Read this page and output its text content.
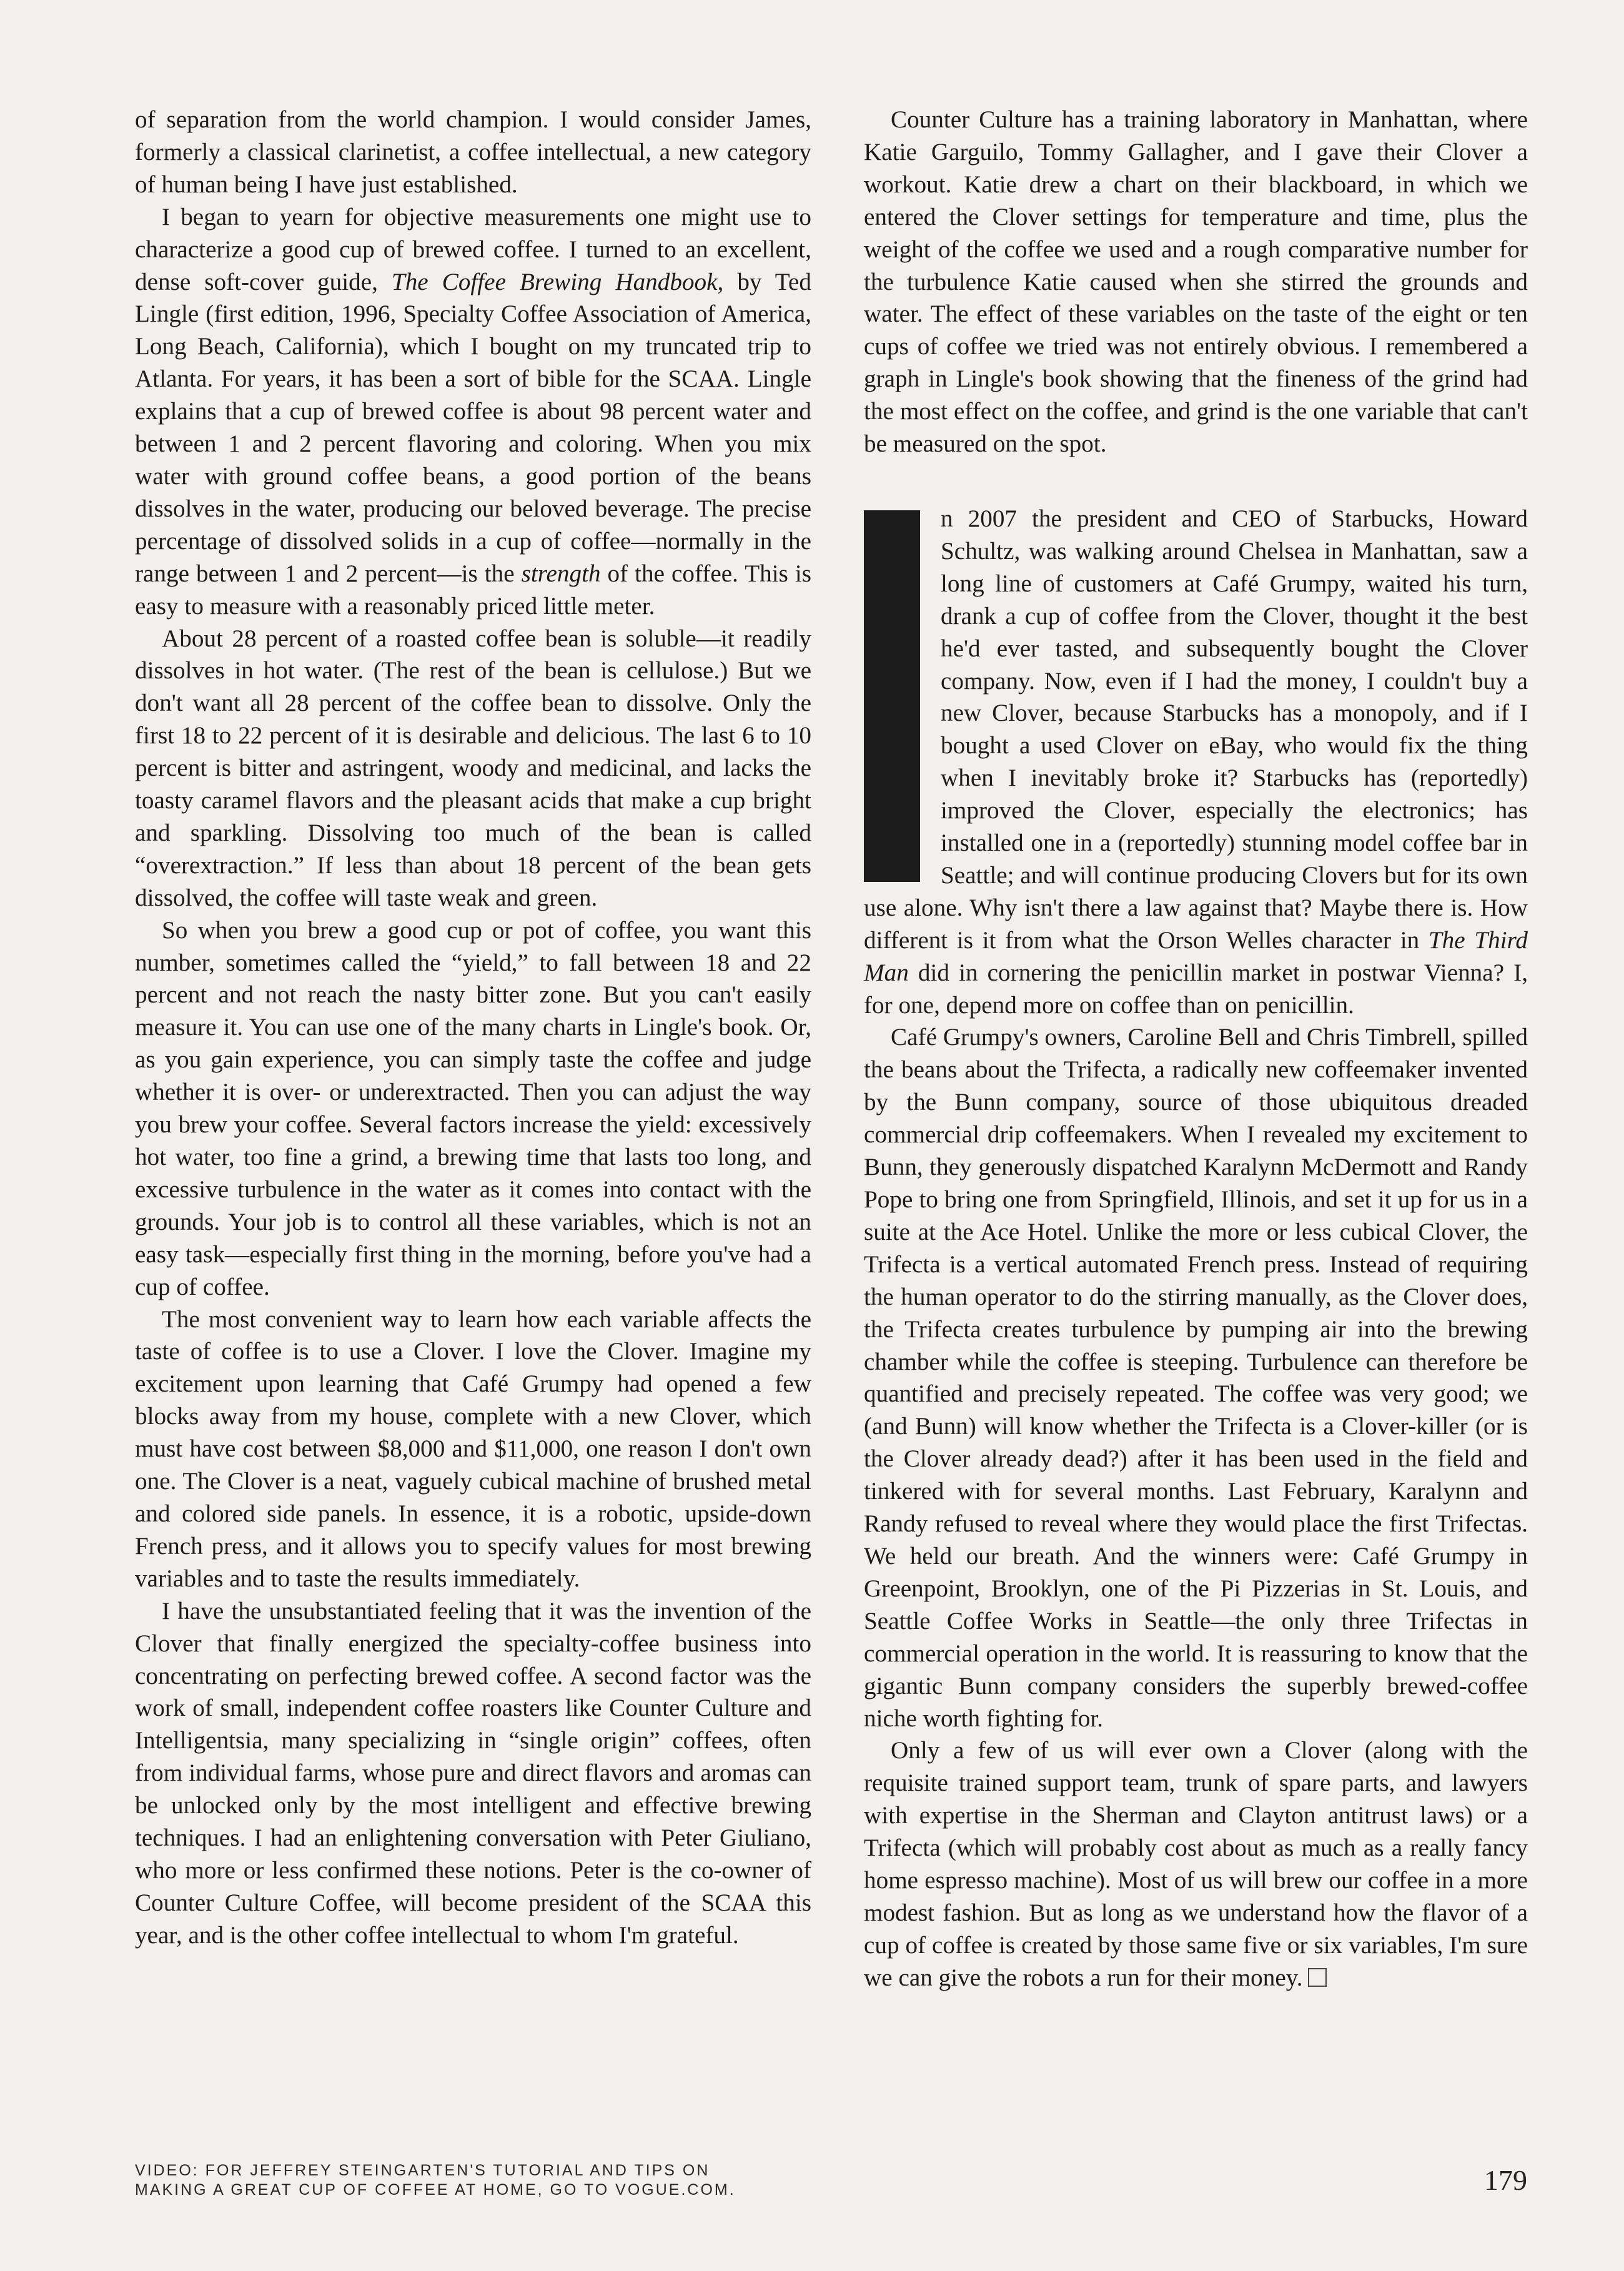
of separation from the world champion. I would consider James, formerly a classical clarinetist, a coffee intellectual, a new category of human being I have just established.

I began to yearn for objective measurements one might use to characterize a good cup of brewed coffee. I turned to an excellent, dense soft-cover guide, The Coffee Brewing Handbook, by Ted Lingle (first edition, 1996, Specialty Coffee Association of America, Long Beach, California), which I bought on my truncated trip to Atlanta. For years, it has been a sort of bible for the SCAA. Lingle explains that a cup of brewed coffee is about 98 percent water and between 1 and 2 percent flavoring and coloring. When you mix water with ground coffee beans, a good portion of the beans dissolves in the water, producing our beloved beverage. The precise percentage of dissolved solids in a cup of coffee—normally in the range between 1 and 2 percent—is the strength of the coffee. This is easy to measure with a reasonably priced little meter.

About 28 percent of a roasted coffee bean is soluble—it readily dissolves in hot water. (The rest of the bean is cellulose.) But we don't want all 28 percent of the coffee bean to dissolve. Only the first 18 to 22 percent of it is desirable and delicious. The last 6 to 10 percent is bitter and astringent, woody and medicinal, and lacks the toasty caramel flavors and the pleasant acids that make a cup bright and sparkling. Dissolving too much of the bean is called “overextraction.” If less than about 18 percent of the bean gets dissolved, the coffee will taste weak and green.

So when you brew a good cup or pot of coffee, you want this number, sometimes called the “yield,” to fall between 18 and 22 percent and not reach the nasty bitter zone. But you can't easily measure it. You can use one of the many charts in Lingle's book. Or, as you gain experience, you can simply taste the coffee and judge whether it is over- or underextracted. Then you can adjust the way you brew your coffee. Several factors increase the yield: excessively hot water, too fine a grind, a brewing time that lasts too long, and excessive turbulence in the water as it comes into contact with the grounds. Your job is to control all these variables, which is not an easy task—especially first thing in the morning, before you've had a cup of coffee.

The most convenient way to learn how each variable affects the taste of coffee is to use a Clover. I love the Clover. Imagine my excitement upon learning that Café Grumpy had opened a few blocks away from my house, complete with a new Clover, which must have cost between $8,000 and $11,000, one reason I don't own one. The Clover is a neat, vaguely cubical machine of brushed metal and colored side panels. In essence, it is a robotic, upside-down French press, and it allows you to specify values for most brewing variables and to taste the results immediately.

I have the unsubstantiated feeling that it was the invention of the Clover that finally energized the specialty-coffee business into concentrating on perfecting brewed coffee. A second factor was the work of small, independent coffee roasters like Counter Culture and Intelligentsia, many specializing in “single origin” coffees, often from individual farms, whose pure and direct flavors and aromas can be unlocked only by the most intelligent and effective brewing techniques. I had an enlightening conversation with Peter Giuliano, who more or less confirmed these notions. Peter is the co-owner of Counter Culture Coffee, will become president of the SCAA this year, and is the other coffee intellectual to whom I'm grateful.

Counter Culture has a training laboratory in Manhattan, where Katie Garguilo, Tommy Gallagher, and I gave their Clover a workout. Katie drew a chart on their blackboard, in which we entered the Clover settings for temperature and time, plus the weight of the coffee we used and a rough comparative number for the turbulence Katie caused when she stirred the grounds and water. The effect of these variables on the taste of the eight or ten cups of coffee we tried was not entirely obvious. I remembered a graph in Lingle's book showing that the fineness of the grind had the most effect on the coffee, and grind is the one variable that can't be measured on the spot.

n 2007 the president and CEO of Starbucks, Howard Schultz, was walking around Chelsea in Manhattan, saw a long line of customers at Café Grumpy, waited his turn, drank a cup of coffee from the Clover, thought it the best he'd ever tasted, and subsequently bought the Clover company. Now, even if I had the money, I couldn't buy a new Clover, because Starbucks has a monopoly, and if I bought a used Clover on eBay, who would fix the thing when I inevitably broke it? Starbucks has (reportedly) improved the Clover, especially the electronics; has installed one in a (reportedly) stunning model coffee bar in Seattle; and will continue producing Clovers but for its own use alone. Why isn't there a law against that? Maybe there is. How different is it from what the Orson Welles character in The Third Man did in cornering the penicillin market in postwar Vienna? I, for one, depend more on coffee than on penicillin.

Café Grumpy's owners, Caroline Bell and Chris Timbrell, spilled the beans about the Trifecta, a radically new coffeemaker invented by the Bunn company, source of those ubiquitous dreaded commercial drip coffeemakers. When I revealed my excitement to Bunn, they generously dispatched Karalynn McDermott and Randy Pope to bring one from Springfield, Illinois, and set it up for us in a suite at the Ace Hotel. Unlike the more or less cubical Clover, the Trifecta is a vertical automated French press. Instead of requiring the human operator to do the stirring manually, as the Clover does, the Trifecta creates turbulence by pumping air into the brewing chamber while the coffee is steeping. Turbulence can therefore be quantified and precisely repeated. The coffee was very good; we (and Bunn) will know whether the Trifecta is a Clover-killer (or is the Clover already dead?) after it has been used in the field and tinkered with for several months. Last February, Karalynn and Randy refused to reveal where they would place the first Trifectas. We held our breath. And the winners were: Café Grumpy in Greenpoint, Brooklyn, one of the Pi Pizzerias in St. Louis, and Seattle Coffee Works in Seattle—the only three Trifectas in commercial operation in the world. It is reassuring to know that the gigantic Bunn company considers the superbly brewed-coffee niche worth fighting for.

Only a few of us will ever own a Clover (along with the requisite trained support team, trunk of spare parts, and lawyers with expertise in the Sherman and Clayton antitrust laws) or a Trifecta (which will probably cost about as much as a really fancy home espresso machine). Most of us will brew our coffee in a more modest fashion. But as long as we understand how the flavor of a cup of coffee is created by those same five or six variables, I'm sure we can give the robots a run for their money.

VIDEO: FOR JEFFREY STEINGARTEN'S TUTORIAL AND TIPS ON
MAKING A GREAT CUP OF COFFEE AT HOME, GO TO VOGUE.COM.	179
